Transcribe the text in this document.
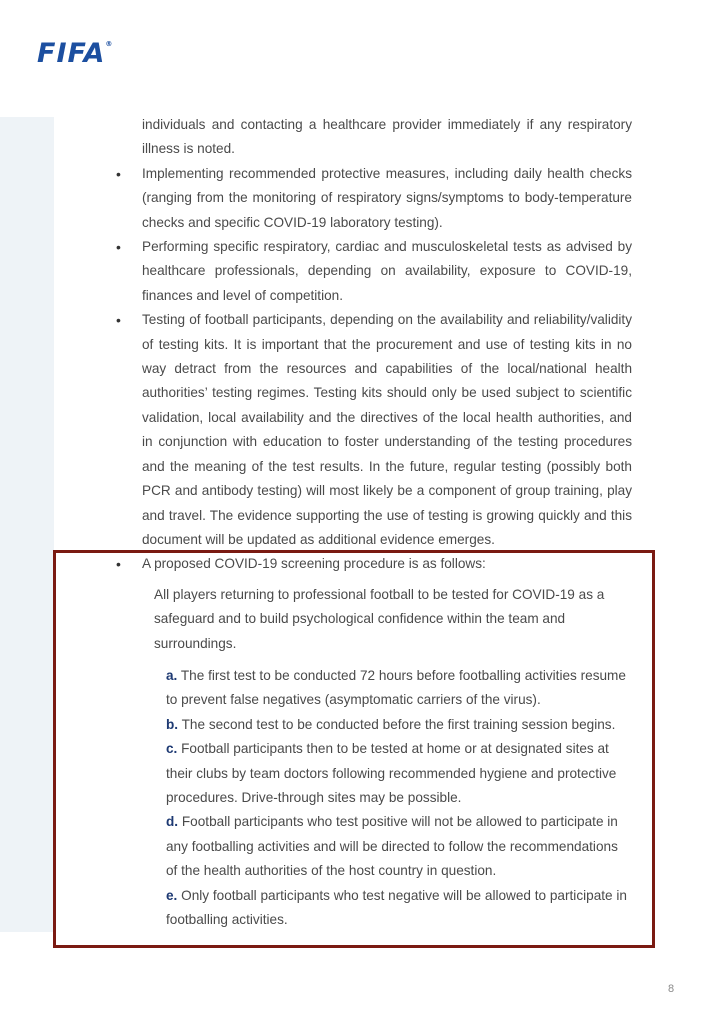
FIFA®
individuals and contacting a healthcare provider immediately if any respiratory illness is noted.
• Implementing recommended protective measures, including daily health checks (ranging from the monitoring of respiratory signs/symptoms to body-temperature checks and specific COVID-19 laboratory testing).
• Performing specific respiratory, cardiac and musculoskeletal tests as advised by healthcare professionals, depending on availability, exposure to COVID-19, finances and level of competition.
• Testing of football participants, depending on the availability and reliability/validity of testing kits. It is important that the procurement and use of testing kits in no way detract from the resources and capabilities of the local/national health authorities’ testing regimes. Testing kits should only be used subject to scientific validation, local availability and the directives of the local health authorities, and in conjunction with education to foster understanding of the testing procedures and the meaning of the test results. In the future, regular testing (possibly both PCR and antibody testing) will most likely be a component of group training, play and travel. The evidence supporting the use of testing is growing quickly and this document will be updated as additional evidence emerges.
• A proposed COVID-19 screening procedure is as follows:
All players returning to professional football to be tested for COVID-19 as a safeguard and to build psychological confidence within the team and surroundings.
a. The first test to be conducted 72 hours before footballing activities resume to prevent false negatives (asymptomatic carriers of the virus).
b. The second test to be conducted before the first training session begins.
c. Football participants then to be tested at home or at designated sites at their clubs by team doctors following recommended hygiene and protective procedures. Drive-through sites may be possible.
d. Football participants who test positive will not be allowed to participate in any footballing activities and will be directed to follow the recommendations of the health authorities of the host country in question.
e. Only football participants who test negative will be allowed to participate in footballing activities.
8
